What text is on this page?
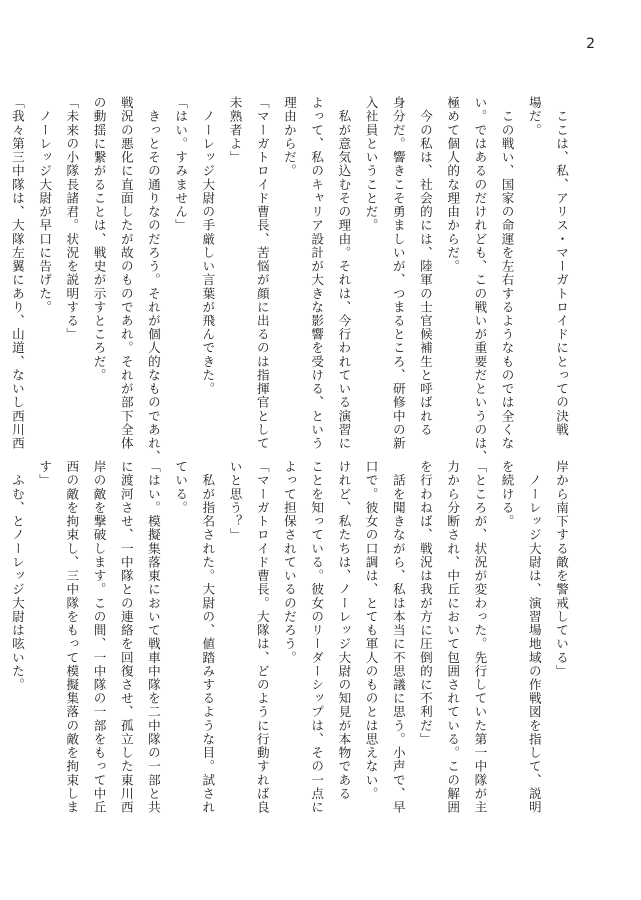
2
　ここは、私、アリス・マーガトロイドにとっての決戦
場だ。
　この戦い、国家の命運を左右するようなものでは全くな
い。ではあるのだけれども、この戦いが重要だというのは、
極めて個人的な理由からだ。
　今の私は、社会的には、陸軍の士官候補生と呼ばれる
身分だ。響きこそ勇ましいが、つまるところ、研修中の新
入社員ということだ。
　私が意気込むその理由。それは、今行われている演習に
よって、私のキャリア設計が大きな影響を受ける、という
理由からだ。
「マーガトロイド曹長、苦悩が顔に出るのは指揮官として
未熟者よ」
　ノーレッジ大尉の手厳しい言葉が飛んできた。
「はい。すみません」
　きっとその通りなのだろう。それが個人的なものであれ、
戦況の悪化に直面したが故のものであれ。それが部下全体
の動揺に繋がることは、戦史が示すところだ。
「未来の小隊長諸君。状況を説明する」
　ノーレッジ大尉が早口に告げた。
「我々第三中隊は、大隊左翼にあり、山道、ないし西川西
岸から南下する敵を警戒している」
　ノーレッジ大尉は、演習場地域の作戦図を指して、説明
を続ける。
「ところが、状況が変わった。先行していた第一中隊が主
力から分断され、中丘において包囲されている。この解囲
を行わねば、戦況は我が方に圧倒的に不利だ」
　話を聞きながら、私は本当に不思議に思う。小声で、早
口で。彼女の口調は、とても軍人のものとは思えない。
けれど、私たちは、ノーレッジ大尉の知見が本物である
ことを知っている。彼女のリーダーシップは、その一点に
よって担保されているのだろう。
「マーガトロイド曹長。大隊は、どのように行動すれば良
いと思う？」
　私が指名された。大尉の、値踏みするような目。試され
ている。
「はい。模擬集落東において戦車中隊を二中隊の一部と共
に渡河させ、一中隊との連絡を回復させ、孤立した東川西
岸の敵を撃破します。この間、一中隊の一部をもって中丘
西の敵を拘束し、三中隊をもって模擬集落の敵を拘束しま
す」
　ふむ、とノーレッジ大尉は呟いた。
